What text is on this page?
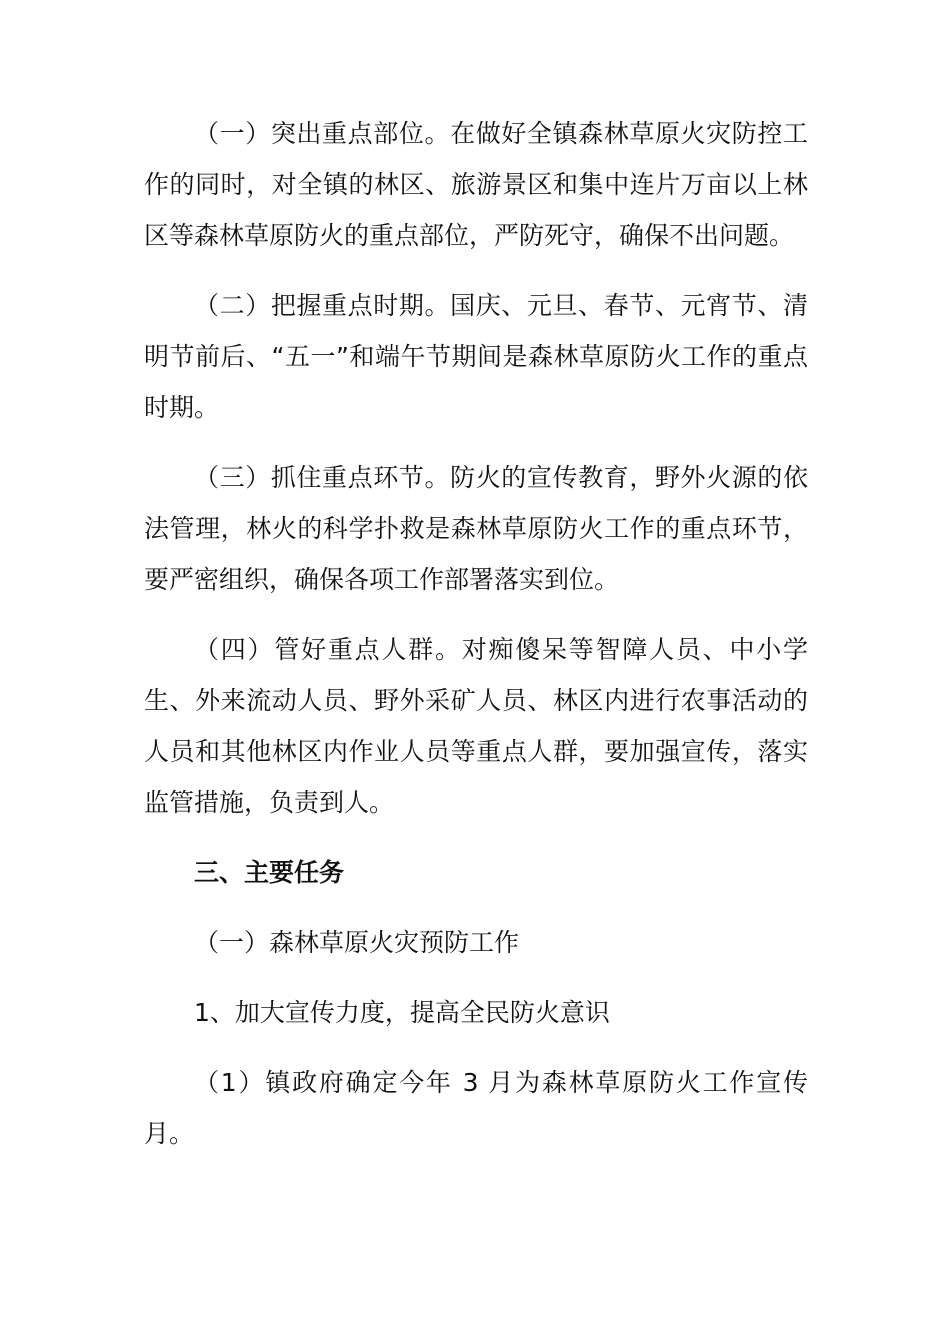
（一）突出重点部位。在做好全镇森林草原火灾防控工作的同时，对全镇的林区、旅游景区和集中连片万亩以上林区等森林草原防火的重点部位，严防死守，确保不出问题。

（二）把握重点时期。国庆、元旦、春节、元宵节、清明节前后、“五一”和端午节期间是森林草原防火工作的重点时期。

（三）抓住重点环节。防火的宣传教育，野外火源的依法管理，林火的科学扑救是森林草原防火工作的重点环节，要严密组织，确保各项工作部署落实到位。

（四）管好重点人群。对痴傻呆等智障人员、中小学生、外来流动人员、野外采矿人员、林区内进行农事活动的人员和其他林区内作业人员等重点人群，要加强宣传，落实监管措施，负责到人。

三、主要任务

（一）森林草原火灾预防工作

1、加大宣传力度，提高全民防火意识

（1）镇政府确定今年 3 月为森林草原防火工作宣传月。
